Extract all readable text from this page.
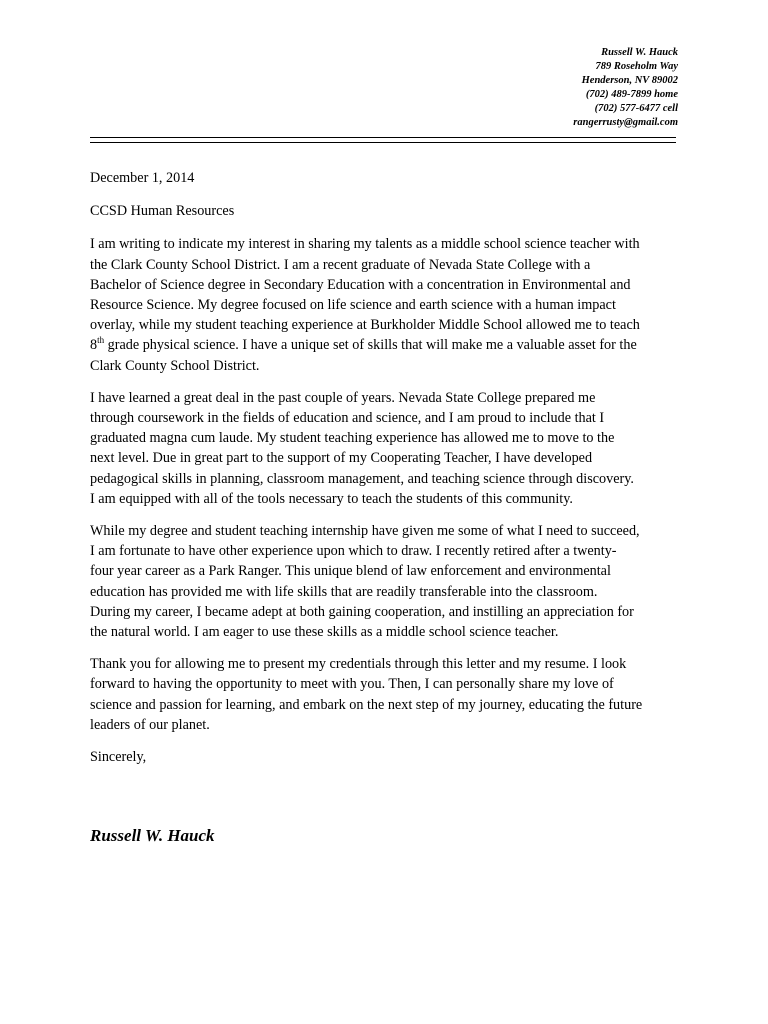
Russell W. Hauck
789 Roseholm Way
Henderson, NV 89002
(702) 489-7899 home
(702) 577-6477 cell
rangerrusty@gmail.com

December 1, 2014

CCSD Human Resources

I am writing to indicate my interest in sharing my talents as a middle school science teacher with
the Clark County School District. I am a recent graduate of Nevada State College with a
Bachelor of Science degree in Secondary Education with a concentration in Environmental and
Resource Science. My degree focused on life science and earth science with a human impact
overlay, while my student teaching experience at Burkholder Middle School allowed me to teach
8th grade physical science. I have a unique set of skills that will make me a valuable asset for the
Clark County School District.

I have learned a great deal in the past couple of years. Nevada State College prepared me
through coursework in the fields of education and science, and I am proud to include that I
graduated magna cum laude. My student teaching experience has allowed me to move to the
next level. Due in great part to the support of my Cooperating Teacher, I have developed
pedagogical skills in planning, classroom management, and teaching science through discovery.
I am equipped with all of the tools necessary to teach the students of this community.

While my degree and student teaching internship have given me some of what I need to succeed,
I am fortunate to have other experience upon which to draw. I recently retired after a twenty-
four year career as a Park Ranger. This unique blend of law enforcement and environmental
education has provided me with life skills that are readily transferable into the classroom.
During my career, I became adept at both gaining cooperation, and instilling an appreciation for
the natural world. I am eager to use these skills as a middle school science teacher.

Thank you for allowing me to present my credentials through this letter and my resume. I look
forward to having the opportunity to meet with you. Then, I can personally share my love of
science and passion for learning, and embark on the next step of my journey, educating the future
leaders of our planet.

Sincerely,

Russell W. Hauck
